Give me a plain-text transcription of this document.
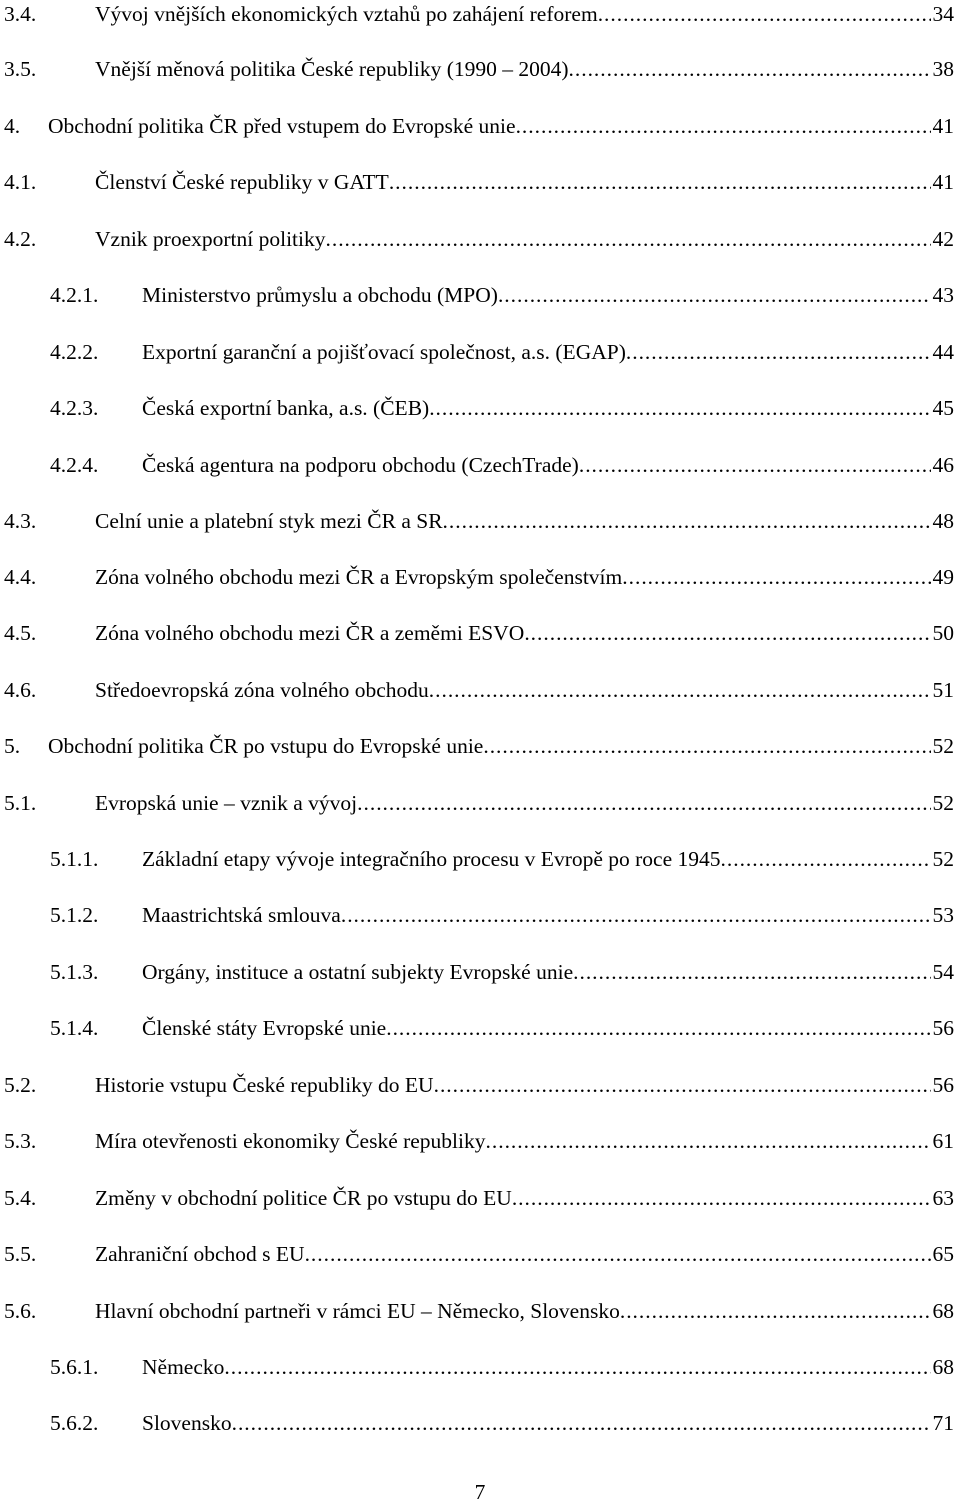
3.4.	Vývoj vnějších ekonomických vztahů po zahájení reforem . . .	34
3.5.	Vnější měnová politika České republiky (1990 – 2004) . . .	38
4. Obchodní politika ČR před vstupem do Evropské unie . . .	41
4.1.	Členství České republiky v GATT . . .	41
4.2.	Vznik proexportní politiky . . .	42
4.2.1. Ministerstvo průmyslu a obchodu (MPO) . . .	43
4.2.2. Exportní garanční a pojišťovací společnost, a.s. (EGAP) . . .	44
4.2.3. Česká exportní banka, a.s. (ČEB) . . .	45
4.2.4. Česká agentura na podporu obchodu (CzechTrade) . . .	46
4.3.	Celní unie a platební styk mezi ČR a SR . . .	48
4.4.	Zóna volného obchodu mezi ČR a Evropským společenstvím . . .	49
4.5.	Zóna volného obchodu mezi ČR a zeměmi ESVO . . .	50
4.6.	Středoevropská zóna volného obchodu . . .	51
5. Obchodní politika ČR po vstupu do Evropské unie . . .	52
5.1.	Evropská unie – vznik a vývoj . . .	52
5.1.1. Základní etapy vývoje integračního procesu v Evropě po roce 1945 . . .	52
5.1.2. Maastrichtská smlouva . . .	53
5.1.3. Orgány, instituce a ostatní subjekty Evropské unie . . .	54
5.1.4. Členské státy Evropské unie . . .	56
5.2.	Historie vstupu České republiky do EU . . .	56
5.3.	Míra otevřenosti ekonomiky České republiky . . .	61
5.4.	Změny v obchodní politice ČR po vstupu do EU . . .	63
5.5.	Zahraniční obchod s EU . . .	65
5.6.	Hlavní obchodní partneři v rámci EU – Německo, Slovensko . . .	68
5.6.1. Německo . . .	68
5.6.2. Slovensko . . .	71
7
